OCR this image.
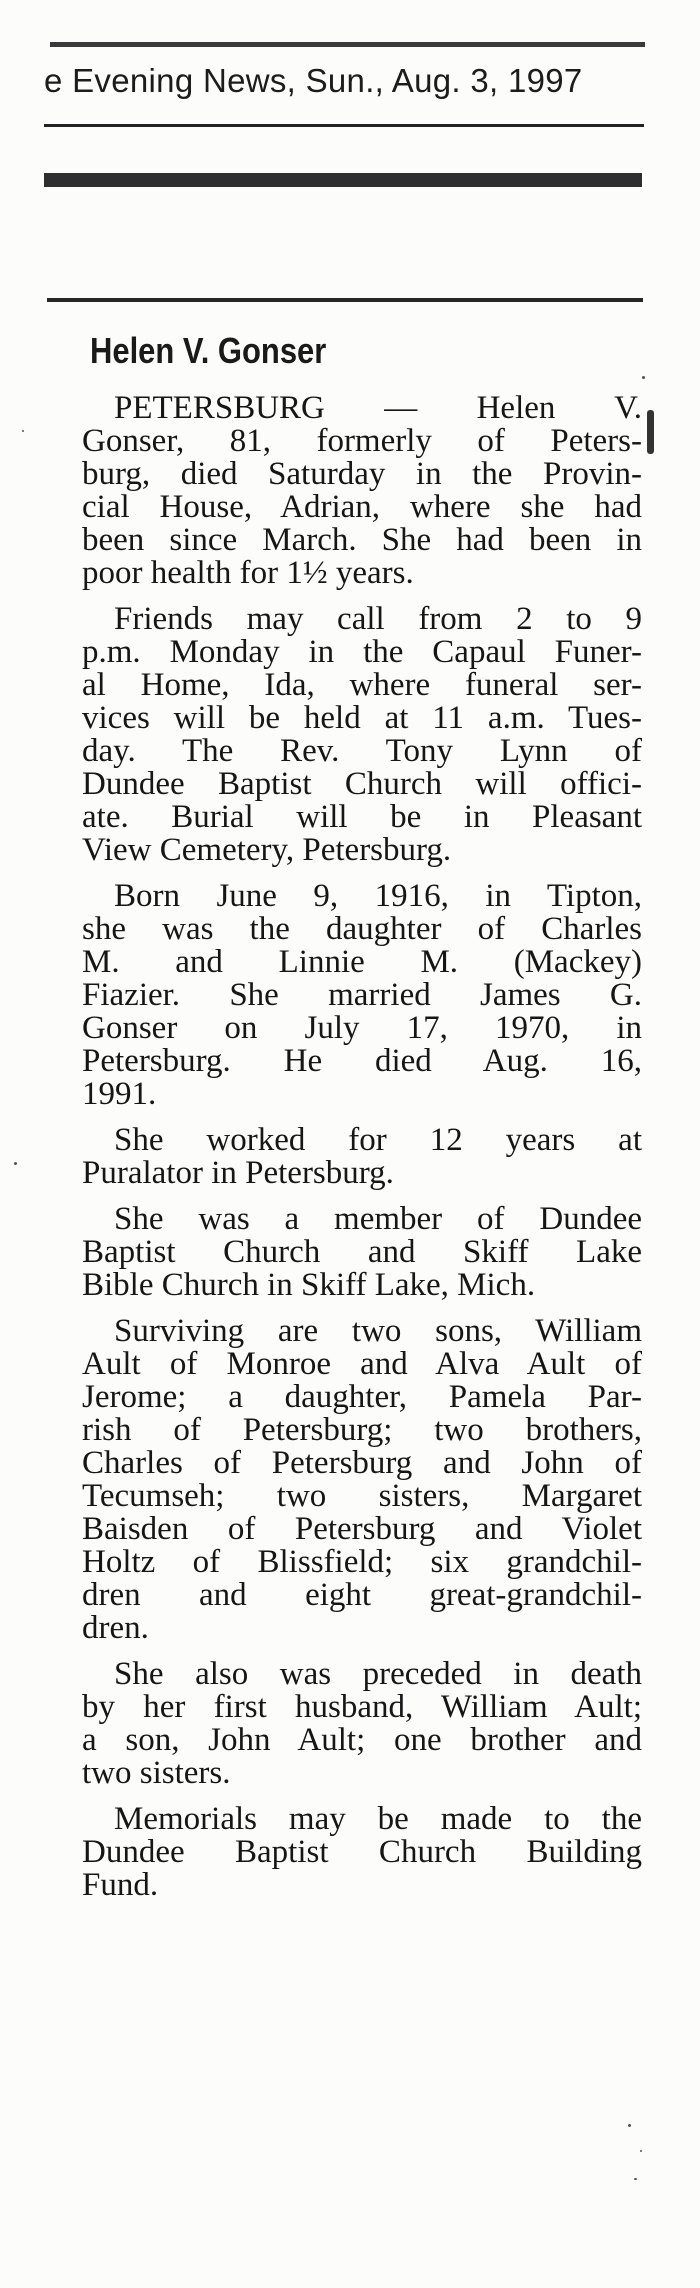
e Evening News, Sun., Aug. 3, 1997
Helen V. Gonser
PETERSBURG — Helen V.
Gonser, 81, formerly of Peters-
burg, died Saturday in the Provin-
cial House, Adrian, where she had
been since March. She had been in
poor health for 1½ years.
Friends may call from 2 to 9
p.m. Monday in the Capaul Funer-
al Home, Ida, where funeral ser-
vices will be held at 11 a.m. Tues-
day. The Rev. Tony Lynn of
Dundee Baptist Church will offici-
ate. Burial will be in Pleasant
View Cemetery, Petersburg.
Born June 9, 1916, in Tipton,
she was the daughter of Charles
M. and Linnie M. (Mackey)
Fiazier. She married James G.
Gonser on July 17, 1970, in
Petersburg. He died Aug. 16,
1991.
She worked for 12 years at
Puralator in Petersburg.
She was a member of Dundee
Baptist Church and Skiff Lake
Bible Church in Skiff Lake, Mich.
Surviving are two sons, William
Ault of Monroe and Alva Ault of
Jerome; a daughter, Pamela Par-
rish of Petersburg; two brothers,
Charles of Petersburg and John of
Tecumseh; two sisters, Margaret
Baisden of Petersburg and Violet
Holtz of Blissfield; six grandchil-
dren and eight great-grandchil-
dren.
She also was preceded in death
by her first husband, William Ault;
a son, John Ault; one brother and
two sisters.
Memorials may be made to the
Dundee Baptist Church Building
Fund.
